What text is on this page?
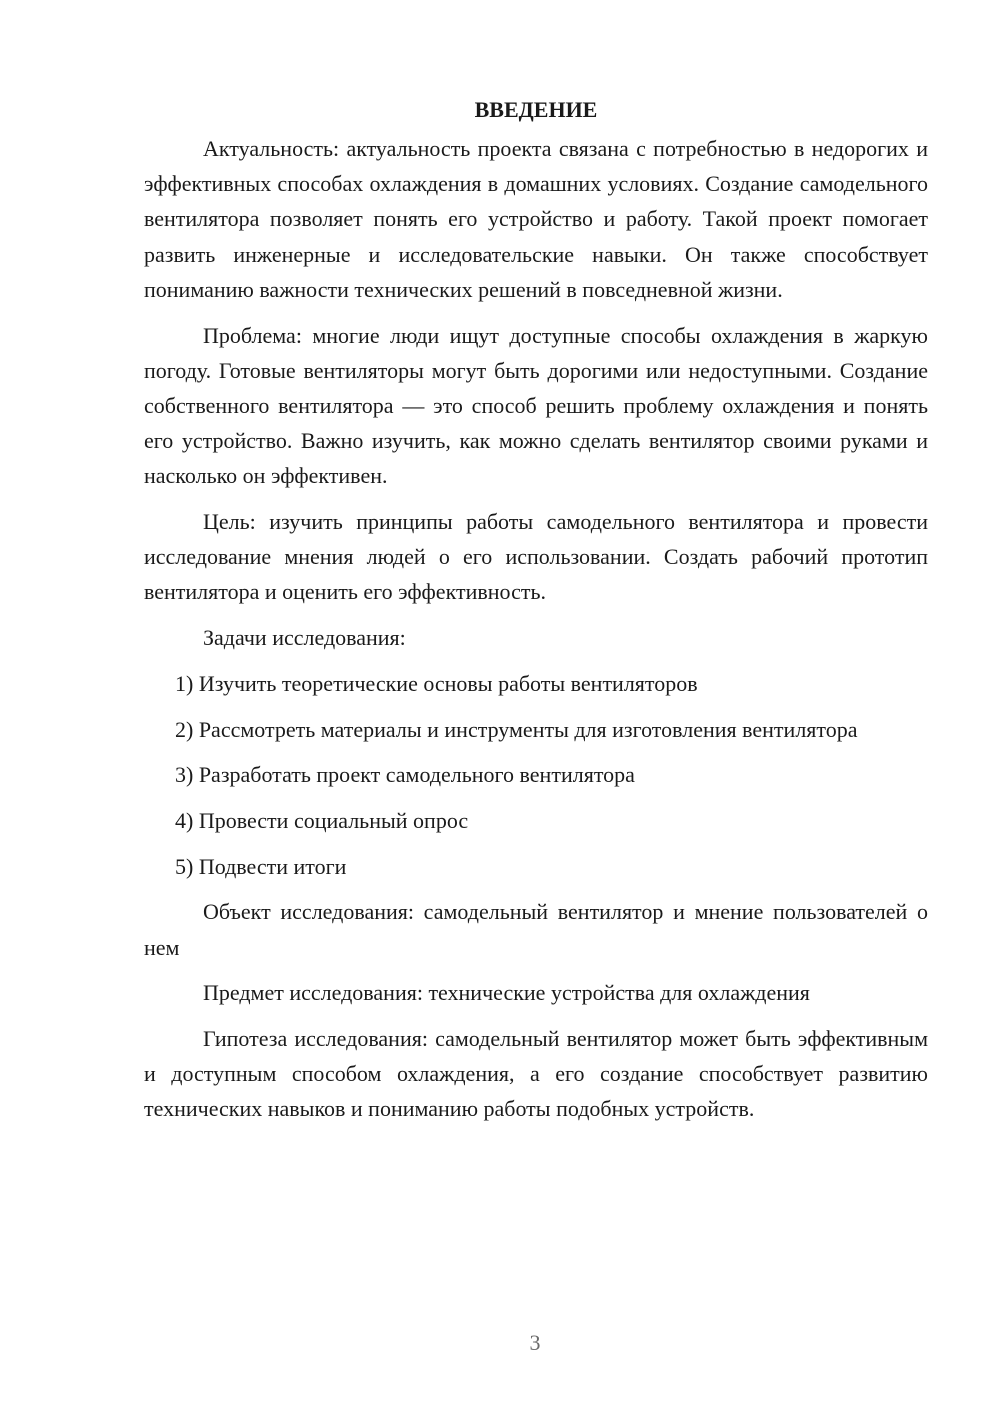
ВВЕДЕНИЕ

Актуальность: актуальность проекта связана с потребностью в недорогих и эффективных способах охлаждения в домашних условиях. Создание самодельного вентилятора позволяет понять его устройство и работу. Такой проект помогает развить инженерные и исследовательские навыки. Он также способствует пониманию важности технических решений в повседневной жизни.

Проблема: многие люди ищут доступные способы охлаждения в жаркую погоду. Готовые вентиляторы могут быть дорогими или недоступными. Создание собственного вентилятора — это способ решить проблему охлаждения и понять его устройство. Важно изучить, как можно сделать вентилятор своими руками и насколько он эффективен.

Цель: изучить принципы работы самодельного вентилятора и провести исследование мнения людей о его использовании. Создать рабочий прототип вентилятора и оценить его эффективность.

Задачи исследования:

1) Изучить теоретические основы работы вентиляторов

2) Рассмотреть материалы и инструменты для изготовления вентилятора

3) Разработать проект самодельного вентилятора

4) Провести социальный опрос

5) Подвести итоги

Объект исследования: самодельный вентилятор и мнение пользователей о нем

Предмет исследования: технические устройства для охлаждения

Гипотеза исследования: самодельный вентилятор может быть эффективным и доступным способом охлаждения, а его создание способствует развитию технических навыков и пониманию работы подобных устройств.

3
